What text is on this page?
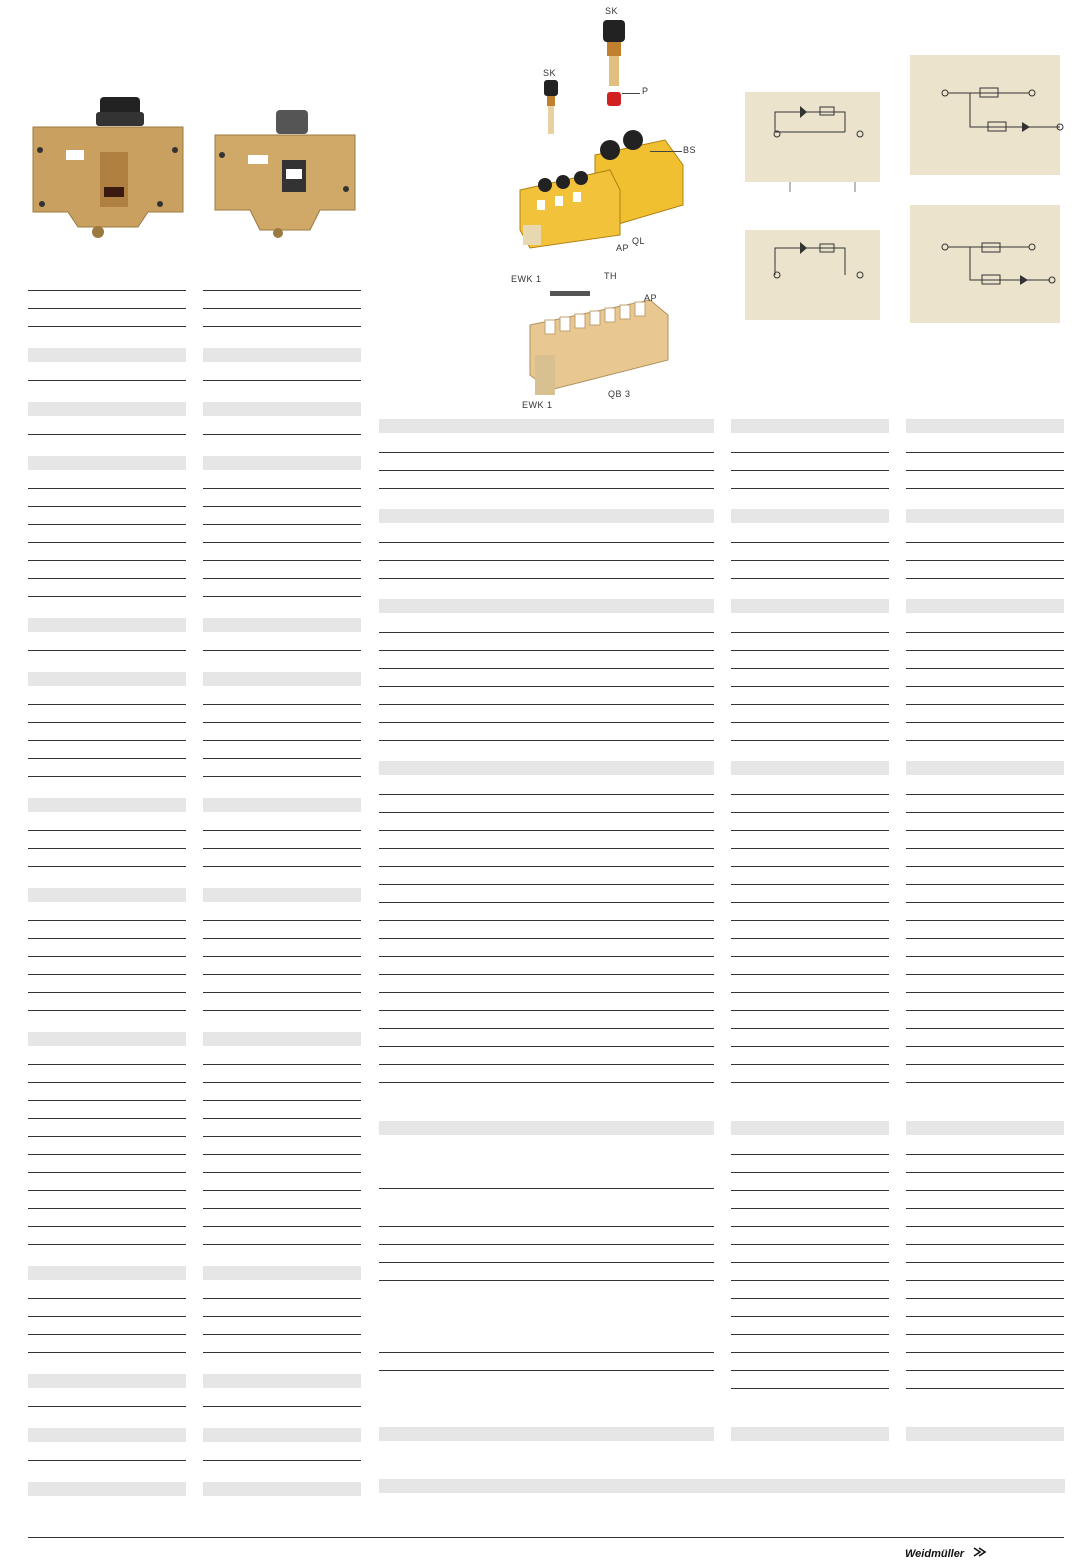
SK
SK
P
BS
QL
AP
EWK 1	TH
AP
QB 3
EWK 1
Weidmüller
